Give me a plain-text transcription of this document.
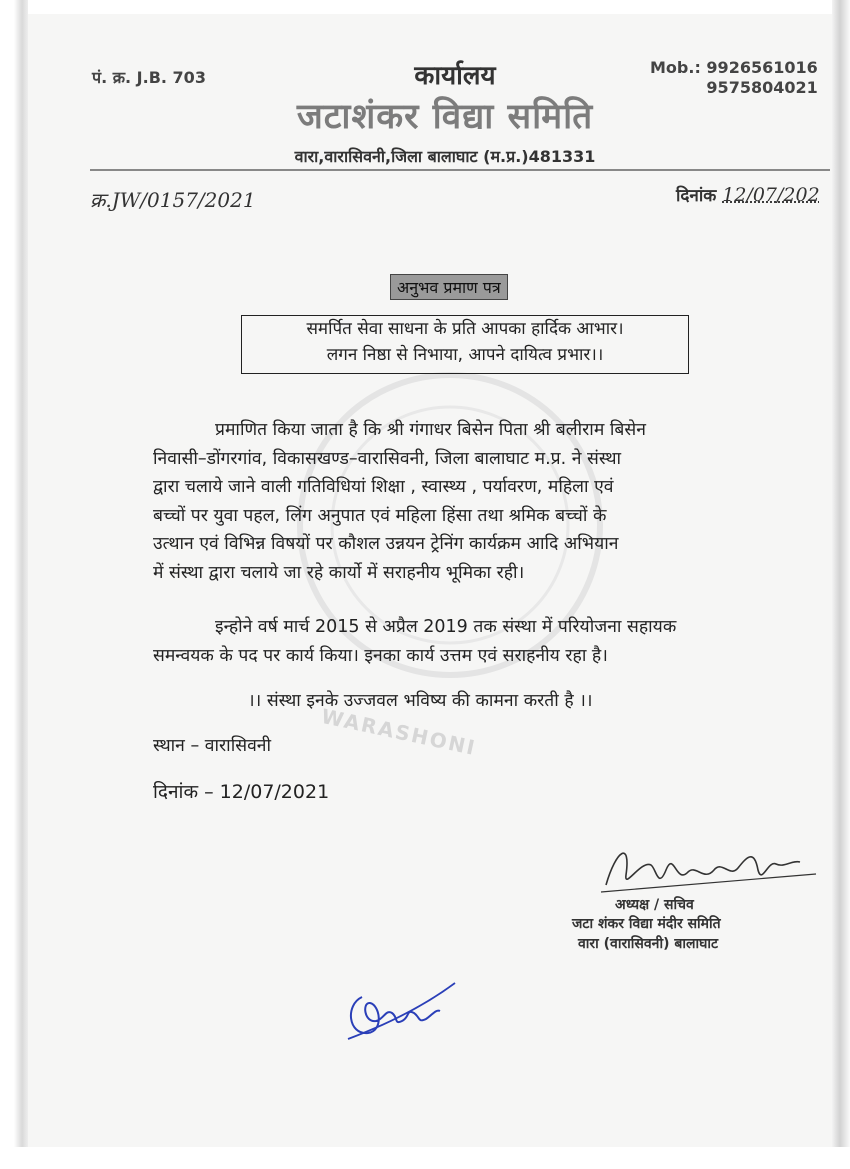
WARASHONI
पं. क्र. J.B. 703	कार्यालय	Mob.: 9926561016
9575804021
जटाशंकर विद्या समिति
वारा,वारासिवनी,जिला बालाघाट (म.प्र.)481331
क्र.JW/0157/2021	दिनांक 12/07/202
अनुभव प्रमाण पत्र
समर्पित सेवा साधना के प्रति आपका हार्दिक आभार।
लगन निष्ठा से निभाया, आपने दायित्व प्रभार।।

प्रमाणित किया जाता है कि श्री गंगाधर बिसेन पिता श्री बलीराम बिसेन

निवासी–डोंगरगांव, विकासखण्ड–वारासिवनी, जिला बालाघाट म.प्र. ने संस्था

द्वारा चलाये जाने वाली गतिविधियां शिक्षा , स्वास्थ्य , पर्यावरण, महिला एवं

बच्चों पर युवा पहल, लिंग अनुपात एवं महिला हिंसा तथा श्रमिक बच्चों के

उत्थान एवं विभिन्न विषयों पर कौशल उन्नयन ट्रेनिंग कार्यक्रम आदि अभियान

में संस्था द्वारा चलाये जा रहे कार्यो में सराहनीय भूमिका रही।

इन्होने वर्ष मार्च 2015 से अप्रैल 2019 तक संस्था में परियोजना सहायक

समन्वयक के पद पर कार्य किया। इनका कार्य उत्तम एवं सराहनीय रहा है।

।। संस्था इनके उज्जवल भविष्य की कामना करती है ।।
स्थान – वारासिवनी
दिनांक – 12/07/2021
अध्यक्ष / सचिव
जटा शंकर विद्या मंदीर समिति
वारा (वारासिवनी) बालाघाट
